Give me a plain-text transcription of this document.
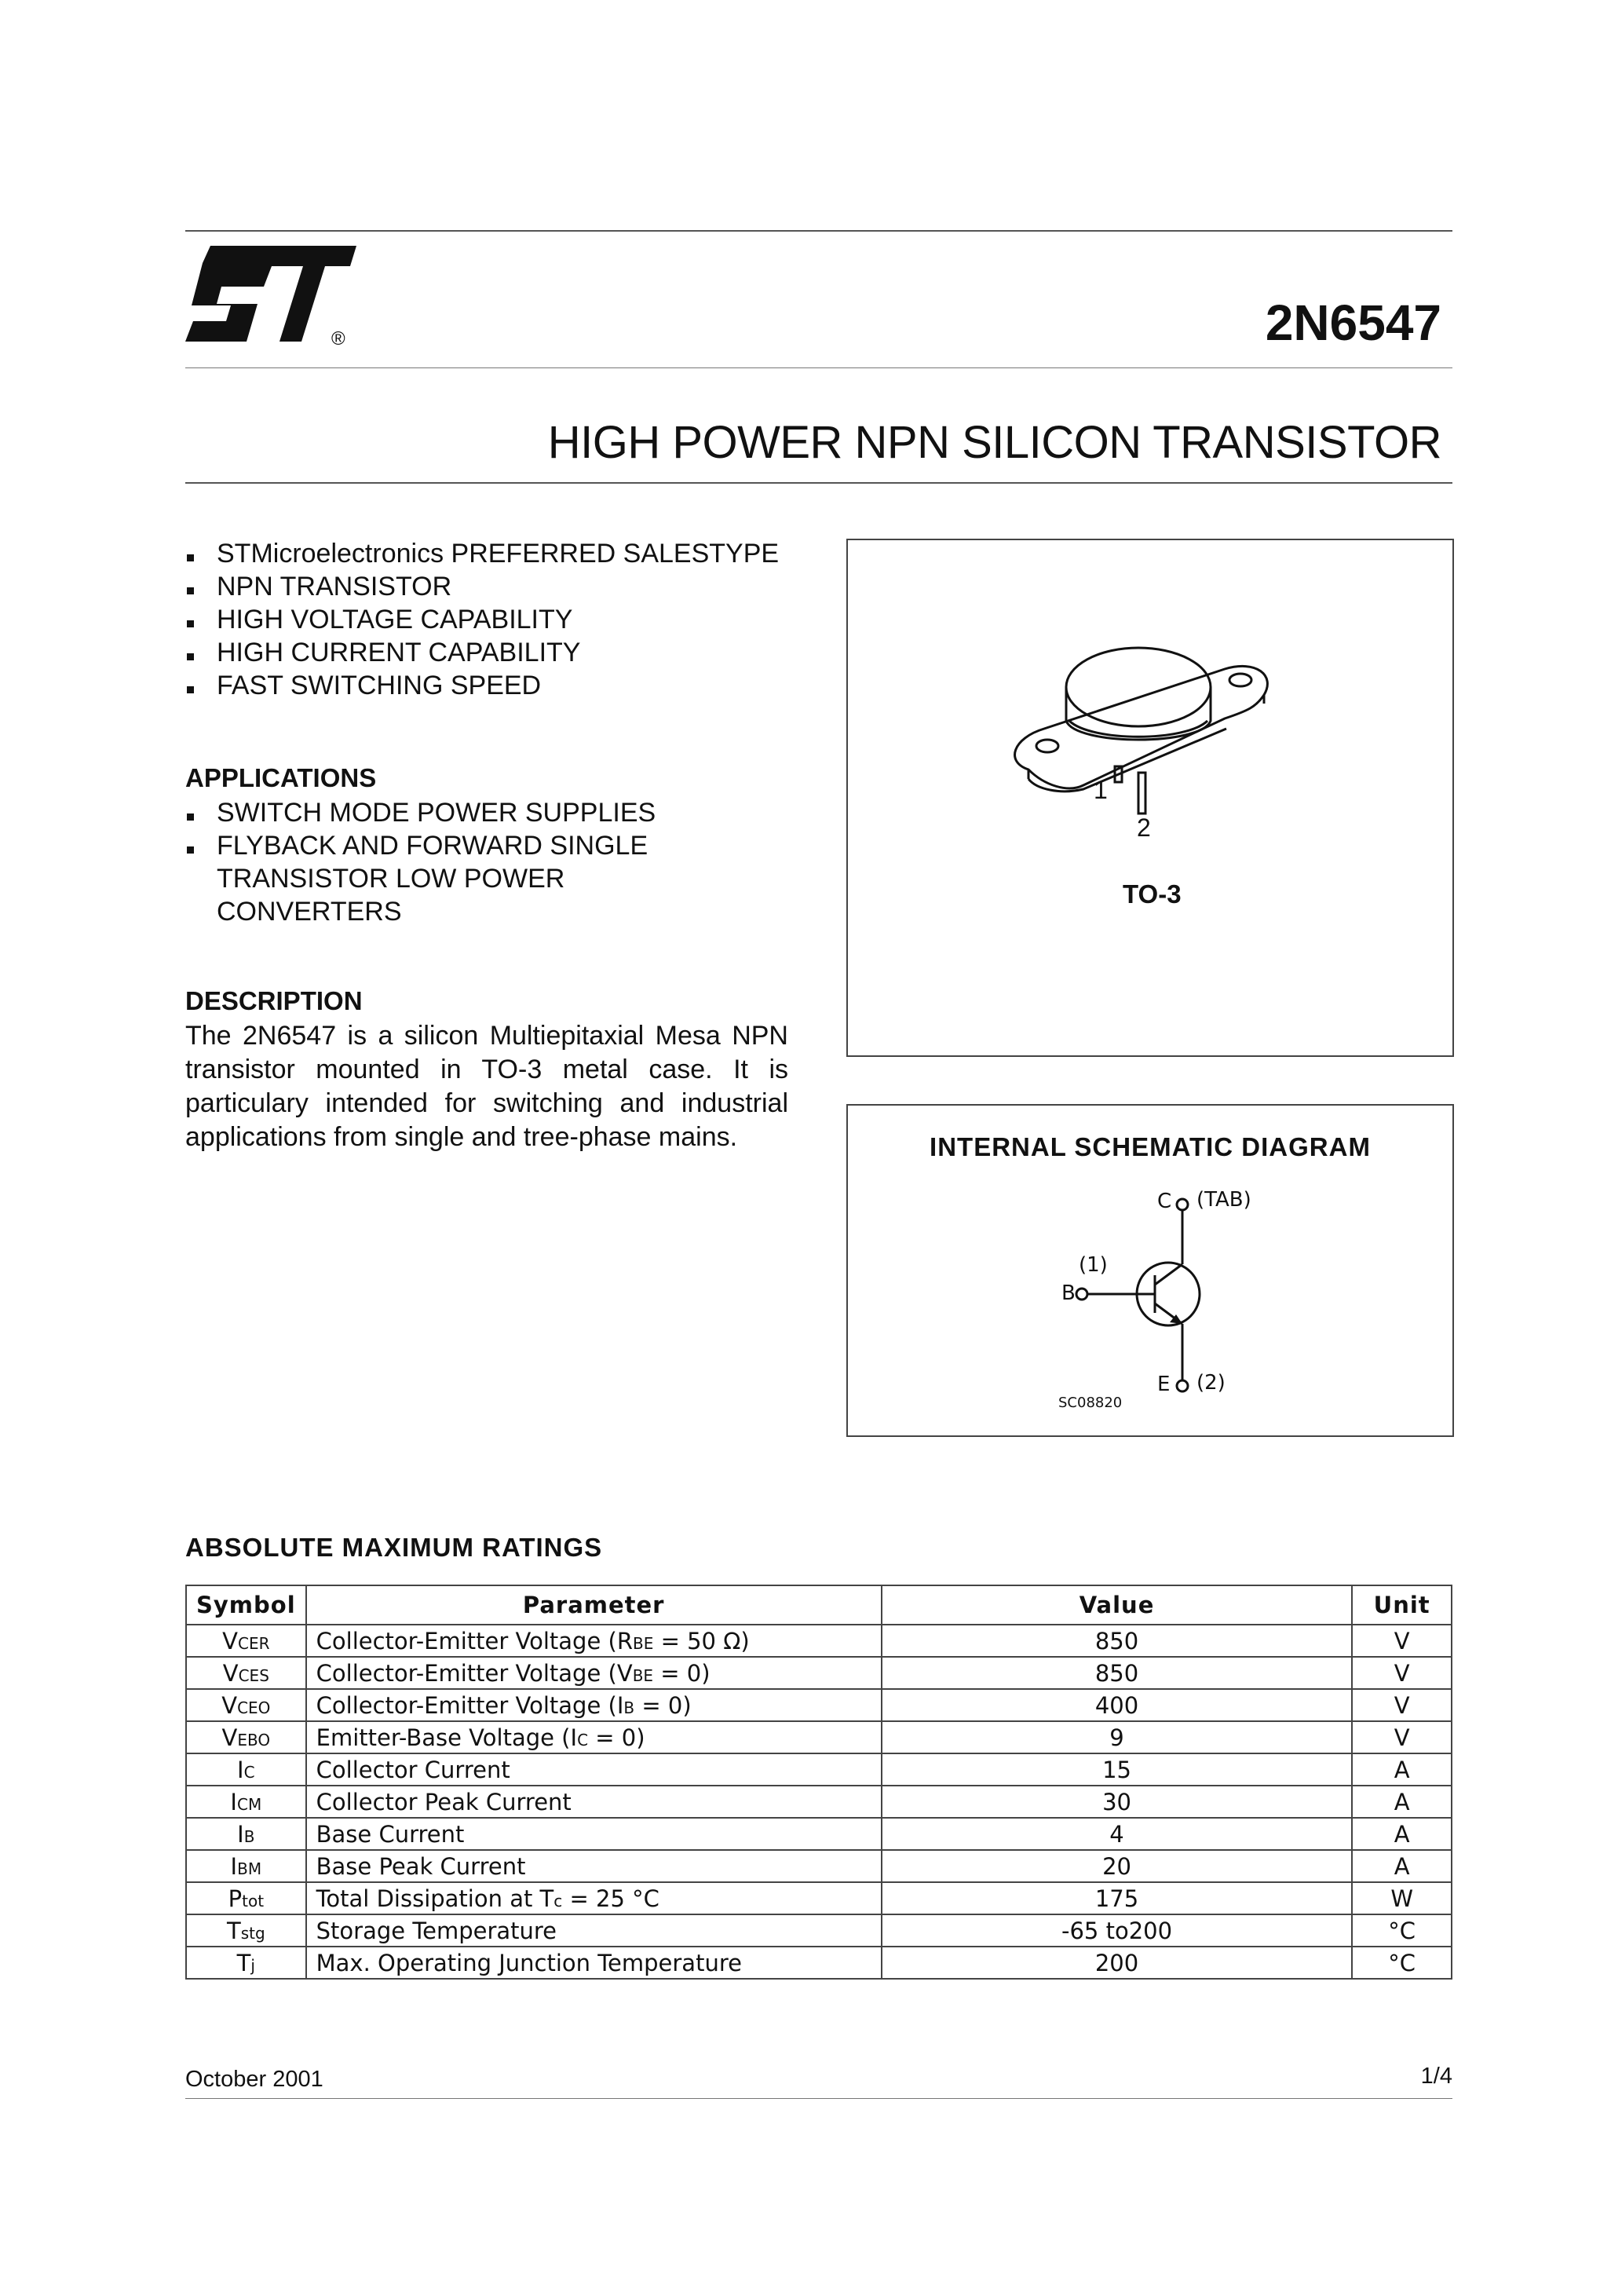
®	2N6547
HIGH POWER NPN SILICON TRANSISTOR
STMicroelectronics PREFERRED SALESTYPE
NPN TRANSISTOR
HIGH VOLTAGE CAPABILITY
HIGH CURRENT CAPABILITY
FAST SWITCHING SPEED
APPLICATIONS
SWITCH MODE POWER SUPPLIES
FLYBACK AND FORWARD SINGLE TRANSISTOR LOW POWER CONVERTERS
DESCRIPTION
The 2N6547 is a silicon Multiepitaxial Mesa NPN transistor mounted in TO-3 metal case. It is particulary intended for switching and industrial applications from single and tree-phase mains.
1
2
TO-3
INTERNAL SCHEMATIC DIAGRAM
C (TAB)
(1)
B
E (2)
SC08820
ABSOLUTE MAXIMUM RATINGS
Symbol	Parameter	Value	Unit
VCER	Collector-Emitter Voltage (RBE = 50 Ω)	850	V
VCES	Collector-Emitter Voltage (VBE = 0)	850	V
VCEO	Collector-Emitter Voltage (IB = 0)	400	V
VEBO	Emitter-Base Voltage (IC = 0)	9	V
IC	Collector Current	15	A
ICM	Collector Peak Current	30	A
IB	Base Current	4	A
IBM	Base Peak Current	20	A
Ptot	Total Dissipation at Tc = 25 °C	175	W
Tstg	Storage Temperature	-65 to200	°C
Tj	Max. Operating Junction Temperature	200	°C
October 2001	1/4
